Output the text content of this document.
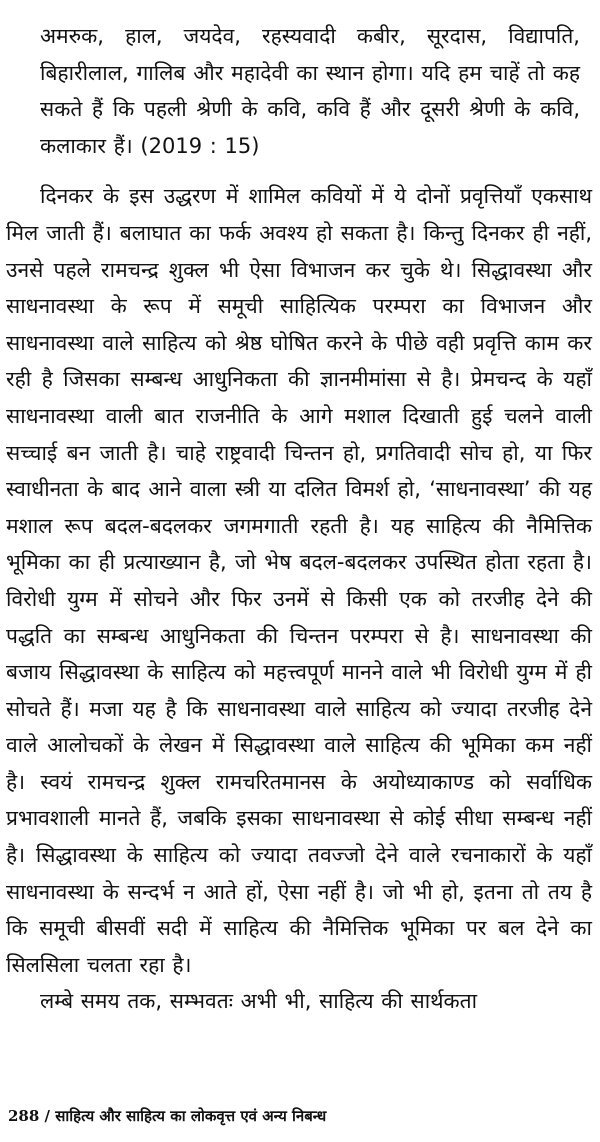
अमरुक, हाल, जयदेव, रहस्यवादी कबीर, सूरदास, विद्यापति, बिहारीलाल, गालिब और महादेवी का स्थान होगा। यदि हम चाहें तो कह सकते हैं कि पहली श्रेणी के कवि, कवि हैं और दूसरी श्रेणी के कवि, कलाकार हैं। (2019 : 15)

दिनकर के इस उद्धरण में शामिल कवियों में ये दोनों प्रवृत्तियाँ एकसाथ मिल जाती हैं। बलाघात का फर्क अवश्य हो सकता है। किन्तु दिनकर ही नहीं, उनसे पहले रामचन्द्र शुक्ल भी ऐसा विभाजन कर चुके थे। सिद्धावस्था और साधनावस्था के रूप में समूची साहित्यिक परम्परा का विभाजन और साधनावस्था वाले साहित्य को श्रेष्ठ घोषित करने के पीछे वही प्रवृत्ति काम कर रही है जिसका सम्बन्ध आधुनिकता की ज्ञानमीमांसा से है। प्रेमचन्द के यहाँ साधनावस्था वाली बात राजनीति के आगे मशाल दिखाती हुई चलने वाली सच्चाई बन जाती है। चाहे राष्ट्रवादी चिन्तन हो, प्रगतिवादी सोच हो, या फिर स्वाधीनता के बाद आने वाला स्त्री या दलित विमर्श हो, ‘साधनावस्था’ की यह मशाल रूप बदल-बदलकर जगमगाती रहती है। यह साहित्य की नैमित्तिक भूमिका का ही प्रत्याख्यान है, जो भेष बदल-बदलकर उपस्थित होता रहता है। विरोधी युग्म में सोचने और फिर उनमें से किसी एक को तरजीह देने की पद्धति का सम्बन्ध आधुनिकता की चिन्तन परम्परा से है। साधनावस्था की बजाय सिद्धावस्था के साहित्य को महत्त्वपूर्ण मानने वाले भी विरोधी युग्म में ही सोचते हैं। मजा यह है कि साधनावस्था वाले साहित्य को ज्यादा तरजीह देने वाले आलोचकों के लेखन में सिद्धावस्था वाले साहित्य की भूमिका कम नहीं है। स्वयं रामचन्द्र शुक्ल रामचरितमानस के अयोध्याकाण्ड को सर्वाधिक प्रभावशाली मानते हैं, जबकि इसका साधनावस्था से कोई सीधा सम्बन्ध नहीं है। सिद्धावस्था के साहित्य को ज्यादा तवज्जो देने वाले रचनाकारों के यहाँ साधनावस्था के सन्दर्भ न आते हों, ऐसा नहीं है। जो भी हो, इतना तो तय है कि समूची बीसवीं सदी में साहित्य की नैमित्तिक भूमिका पर बल देने का सिलसिला चलता रहा है।

लम्बे समय तक, सम्भवतः अभी भी, साहित्य की सार्थकता

288 / साहित्य और साहित्य का लोकवृत्त एवं अन्य निबन्ध
